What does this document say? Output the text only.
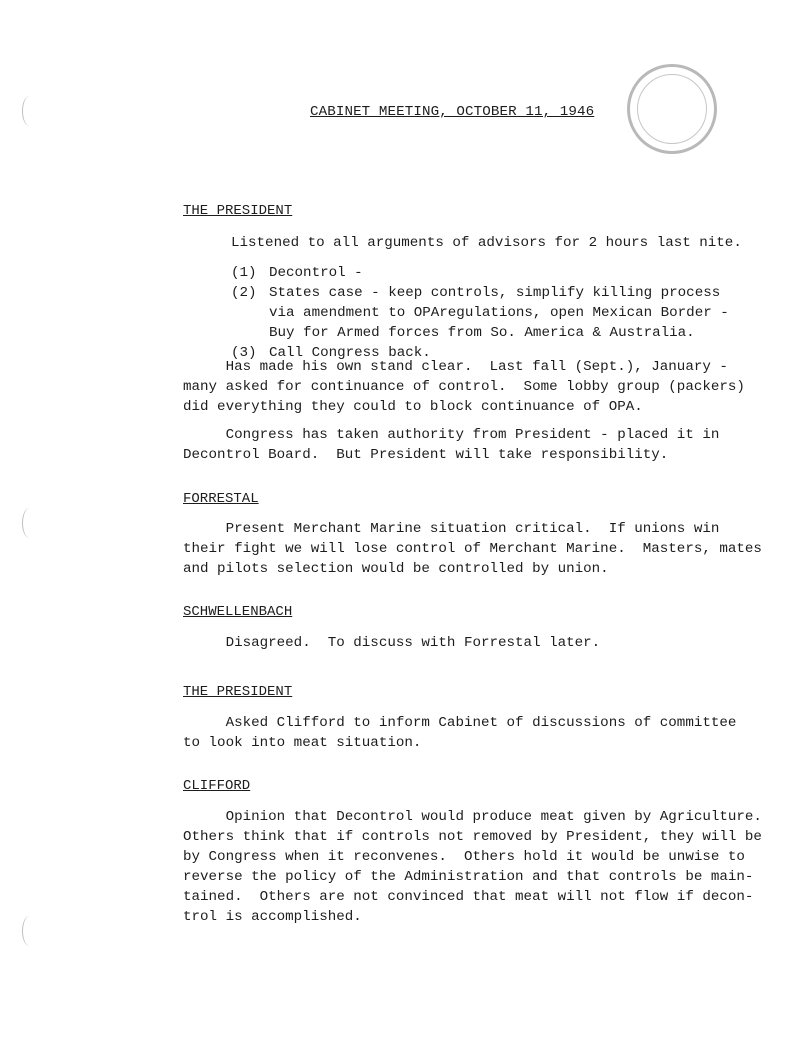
CABINET MEETING, OCTOBER 11, 1946
THE PRESIDENT
Listened to all arguments of advisors for 2 hours last nite.
(1) Decontrol -
(2) States case - keep controls, simplify killing process
via amendment to OPAregulations, open Mexican Border -
Buy for Armed forces from So. America & Australia.
(3) Call Congress back.

Has made his own stand clear.  Last fall (Sept.), January -
many asked for continuance of control.  Some lobby group (packers)
did everything they could to block continuance of OPA.

Congress has taken authority from President - placed it in
Decontrol Board.  But President will take responsibility.

FORRESTAL

Present Merchant Marine situation critical.  If unions win
their fight we will lose control of Merchant Marine.  Masters, mates
and pilots selection would be controlled by union.

SCHWELLENBACH

Disagreed.  To discuss with Forrestal later.

THE PRESIDENT

Asked Clifford to inform Cabinet of discussions of committee
to look into meat situation.

CLIFFORD

Opinion that Decontrol would produce meat given by Agriculture.
Others think that if controls not removed by President, they will be
by Congress when it reconvenes.  Others hold it would be unwise to
reverse the policy of the Administration and that controls be main-
tained.  Others are not convinced that meat will not flow if decon-
trol is accomplished.
